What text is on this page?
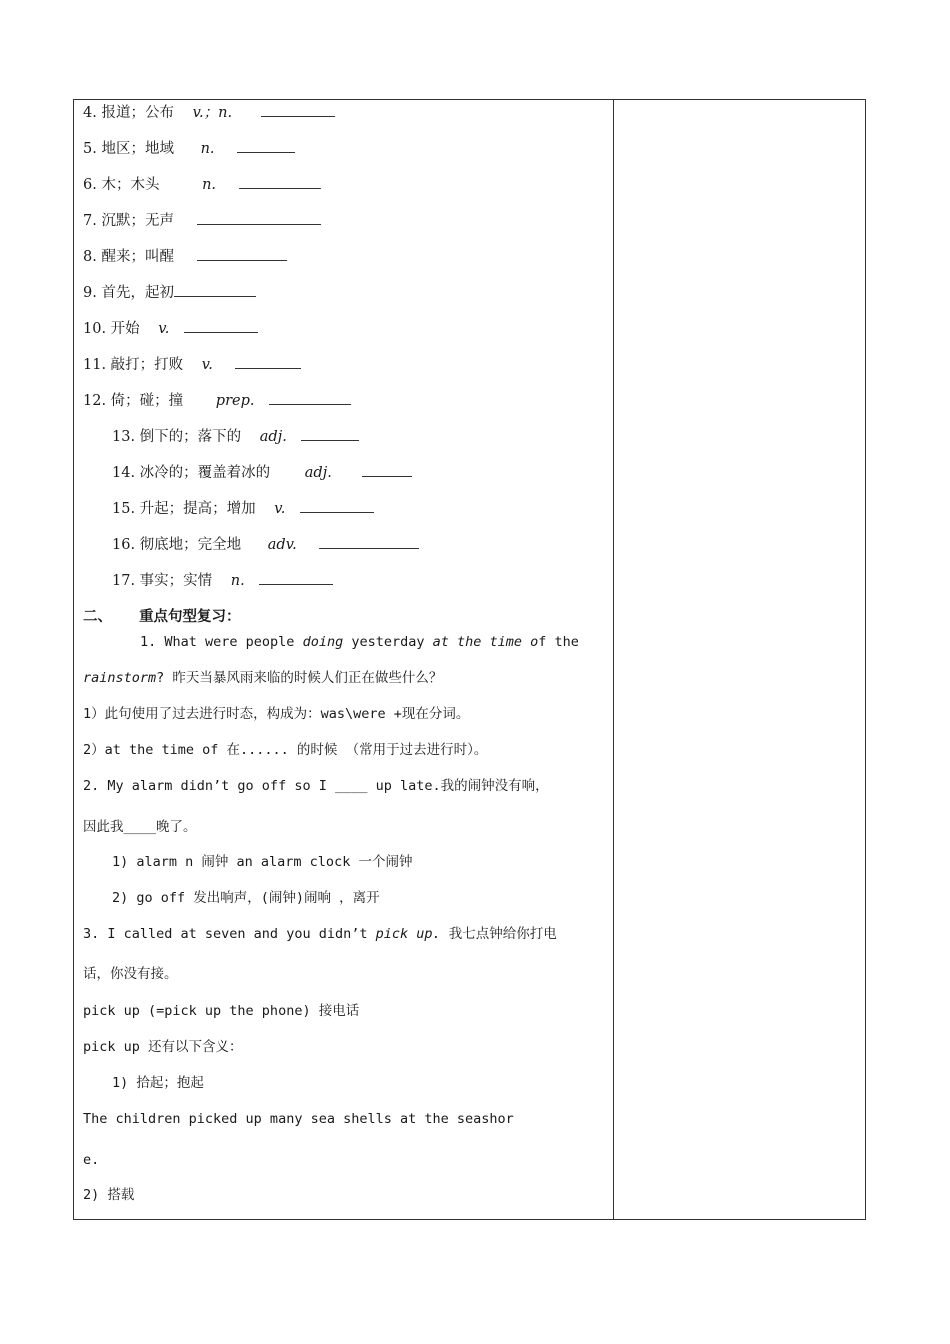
4. 报道；公布 v.；n.
5. 地区；地域 n.
6. 木；木头	n.
7. 沉默；无声
8. 醒来；叫醒
9. 首先，起初
10. 开始 v.
11. 敲打；打败 v.
12. 倚；碰；撞 prep.
13. 倒下的；落下的 adj.
14. 冰冷的；覆盖着冰的 adj.
15. 升起；提高；增加 v.
16. 彻底地；完全地 adv.
17. 事实；实情 n.
二、 重点句型复习：
1. What were people doing yesterday at the time of the
rainstorm? 昨天当暴风雨来临的时候人们正在做些什么？
1）此句使用了过去进行时态，构成为：was\were +现在分词。
2）at the time of 在...... 的时候 （常用于过去进行时）。
2. My alarm didn’t go off so I ____ up late.我的闹钟没有响，
因此我____晚了。
1) alarm n 闹钟 an alarm clock 一个闹钟
2) go off 发出响声，(闹钟)闹响 ，离开
3. I called at seven and you didn’t pick up. 我七点钟给你打电
话，你没有接。
pick up (=pick up the phone) 接电话
pick up 还有以下含义：
1) 拾起；抱起
The children picked up many sea shells at the seashor
e.
2) 搭载
